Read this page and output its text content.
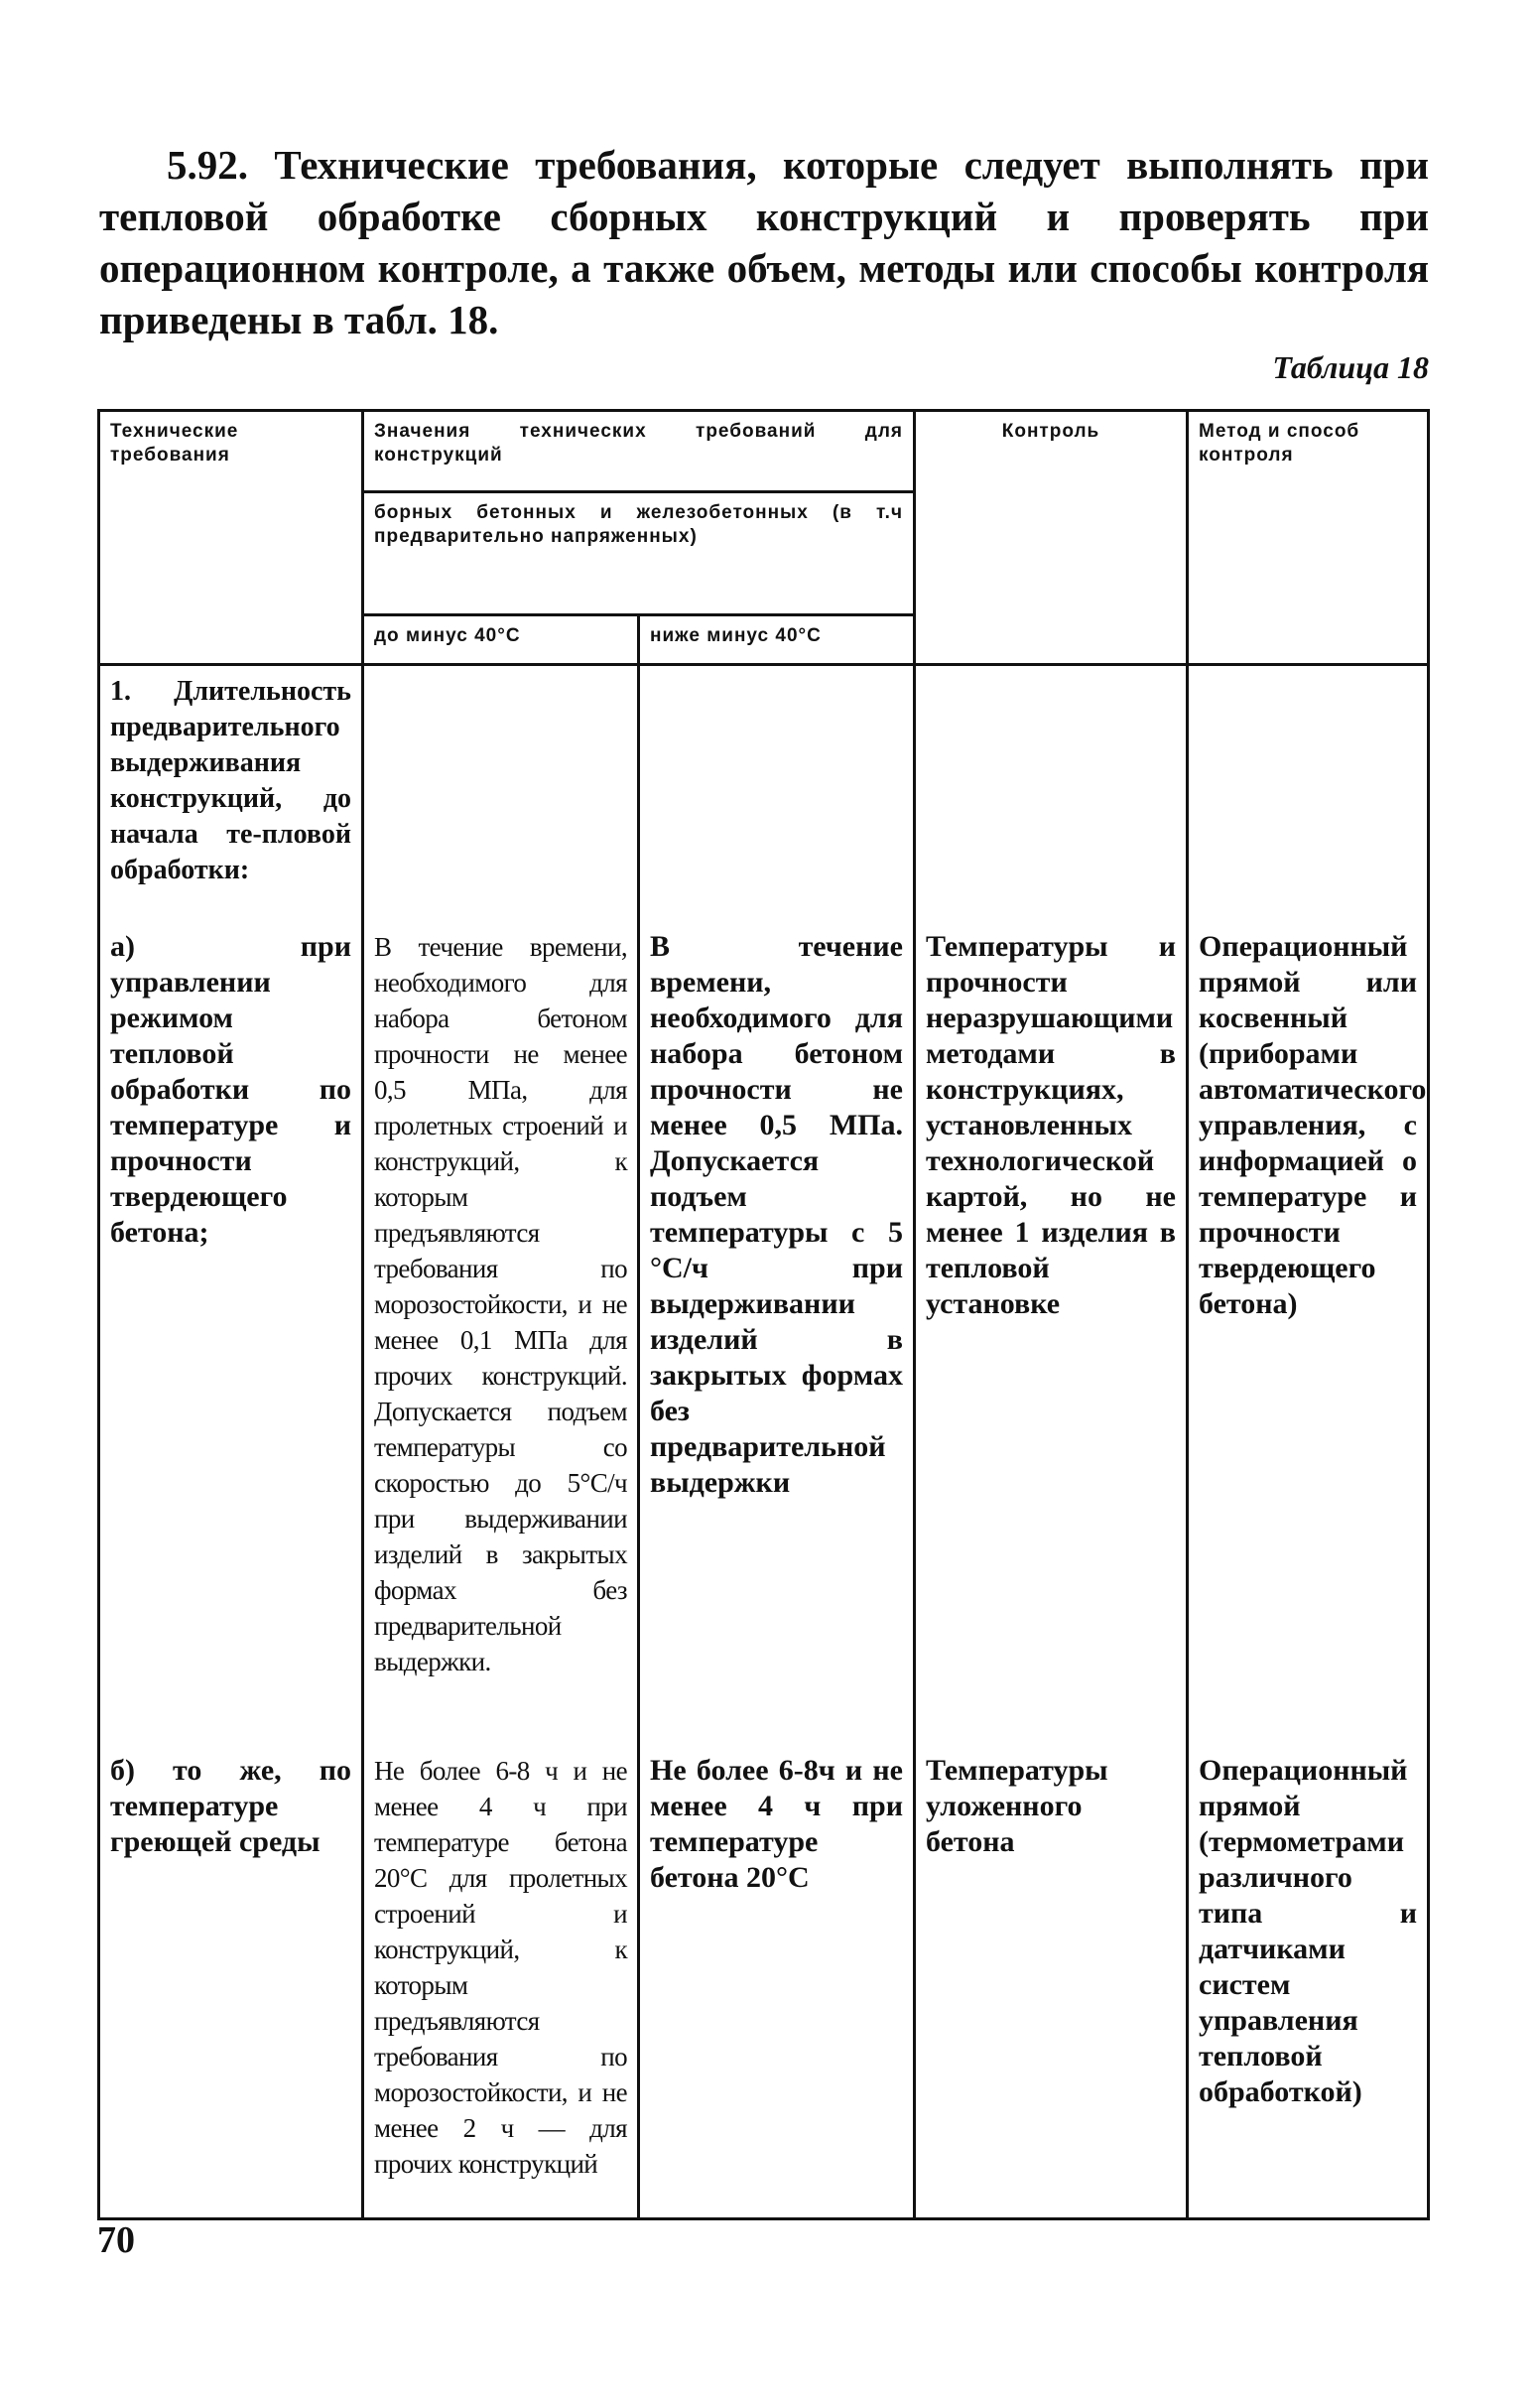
5.92. Технические требования, которые следует выполнять при тепловой обработке сборных конструкций и проверять при операционном контроле, а также объем, методы или способы контроля приведены в табл. 18.

Таблица 18
Технические требования	Значения технических требований для конструкций		Контроль	Метод и способ контроля

	борных бетонных и железобетонных (в т.ч предварительно напряженных)			

	до минус 40°С	ниже минус 40°С		

1. Длительность предварительного выдерживания конструкций, до начала те-пловой обработки:				

а) при управлении режимом тепловой обработки по температуре и прочности твердеющего бетона;	В течение времени, необходимого для набора бетоном прочности не менее 0,5 МПа, для пролетных строений и конструкций, к которым предъявляются требования по морозостойкости, и не менее 0,1 МПа для прочих конструкций. Допускается подъем температуры со скоростью до 5°С/ч при выдерживании изделий в закрытых формах без предварительной выдержки.	В течение времени, необходимого для набора бетоном прочности не менее 0,5 МПа. Допускается подъем температуры с 5 °С/ч при выдерживании изделий в закрытых формах без предварительной выдержки	Температуры и прочности неразрушающими методами в конструкциях, установленных технологической картой, но не менее 1 изделия в тепловой установке	Операционный прямой или косвенный (приборами автоматического управления, с информацией о температуре и прочности твердеющего бетона)

б) то же, по температуре греющей среды	Не более 6-8 ч и не менее 4 ч при температуре бетона 20°С для пролетных строений и конструкций, к которым предъявляются требования по морозостойкости, и не менее 2 ч — для прочих конструкций	Не более 6-8ч и не менее 4 ч при температуре бетона 20°С	Температуры уложенного бетона	Операционный прямой (термометрами различного типа и датчиками систем управления тепловой обработкой)
70
